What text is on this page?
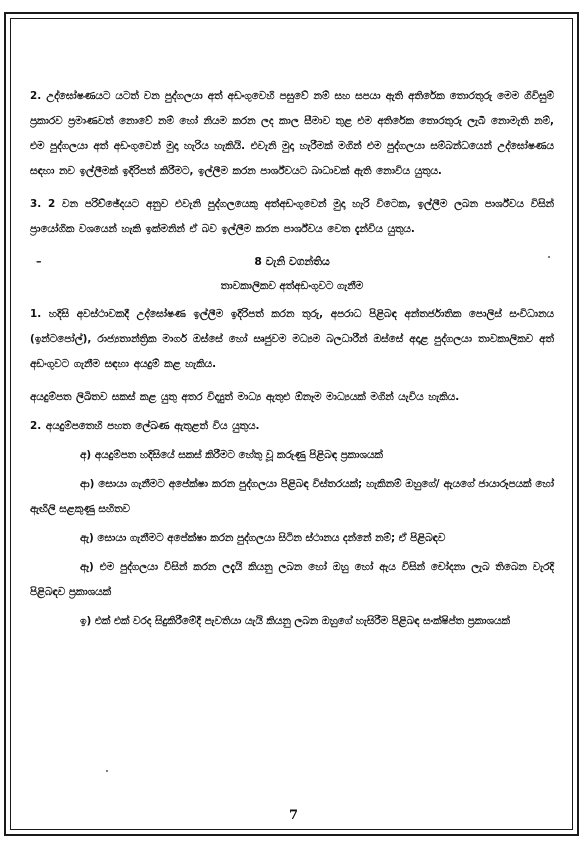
2. උද්ඝෝෂණයට යටත් වන පුද්ගලයා අත් අඩංගුවෙහි පසුවේ නම් සහ සපයා ඇති අතිරේක තොරතුරු මෙම ගිවිසුම් ප්‍රකාරව ප්‍රමාණවත් නොවේ නම් හෝ නියම කරන ලද කාල සීමාව තුළ එම අතිරේක තොරතුරු ලැබී නොමැති නම්, එම පුද්ගලයා අත් අඩංගුවෙන් මුදා හැරිය හැකියි. එවැනි මුදා හැරීමක් මගින් එම පුද්ගලයා සම්බන්ධයෙන් උද්ඝෝෂණය සඳහා නව ඉල්ලීමක් ඉදිරිපත් කිරීමට, ඉල්ලීම කරන පාර්ශ්වයට බාධාවක් ඇති නොවිය යුතුය.

3. 2 වන පරිච්ඡේදයට අනුව එවැනි පුද්ගලයෙකු අත්අඩංගුවෙන් මුදා හැරි විටෙක, ඉල්ලීම ලබන පාර්ශ්වය විසින් ප්‍රායෝගික වශයෙන් හැකි ඉක්මනින් ඒ බව ඉල්ලීම කරන පාර්ශ්වය වෙත දැන්විය යුතුය.

–	8 වැනි වගන්තිය

තාවකාලිකව අත්අඩංගුවට ගැනීම

1. හදිසි අවස්ථාවකදී උද්ඝෝෂණ ඉල්ලීම ඉදිරිපත් කරන තුරු, අපරාධ පිළිබඳ අන්තර්ජාතික පොලිස් සංවිධානය (ඉන්ටපෝල්), රාජ්‍යතාන්ත්‍රික මාර්ග ඔස්සේ හෝ සෘජුවම මධ්‍යම බලධාරීන් ඔස්සේ අදාළ පුද්ගලයා තාවකාලිකව අත් අඩංගුවට ගැනීම සඳහා අයදුම් කළ හැකිය.

අයදුම්පත ලිඛිතව සකස් කළ යුතු අතර විද්‍යුත් මාධ්‍ය ඇතුළු ඕනෑම මාධ්‍යයක් මගින් යැවිය හැකිය.

2. අයදුම්පතෙහි පහත ලේඛණ ඇතුළත් විය යුතුය.

අ) අයදුම්පත හදිසියේ සකස් කිරීමට හේතු වූ කරුණු පිළිබඳ ප්‍රකාශයක්

ආ) සොයා ගැනීමට අපේක්ෂා කරන පුද්ගලයා පිළිබඳ විස්තරයක්; හැකිනම් ඔහුගේ/ ඇයගේ ජායාරූපයක් හෝ ඇඟිලි සළකුණු සහිතව

ඇ) සොයා ගැනීමට අපේක්ෂා කරන පුද්ගලයා සිටින ස්ථානය දන්නේ නම්; ඒ පිළිබඳව

ඈ) එම පුද්ගලයා විසින් කරන ලදැයි කියනු ලබන හෝ ඔහු හෝ ඇය විසින් චෝදනා ලැබ තිබෙන වැරදි පිළිබඳව ප්‍රකාශයක්

ඉ) එක් එක් වරද සිදුකිරීමේදී පැවතියා යැයි කියනු ලබන ඔහුගේ හැසිරීම පිළිබඳ සංක්ෂිප්ත ප්‍රකාශයක්

7
